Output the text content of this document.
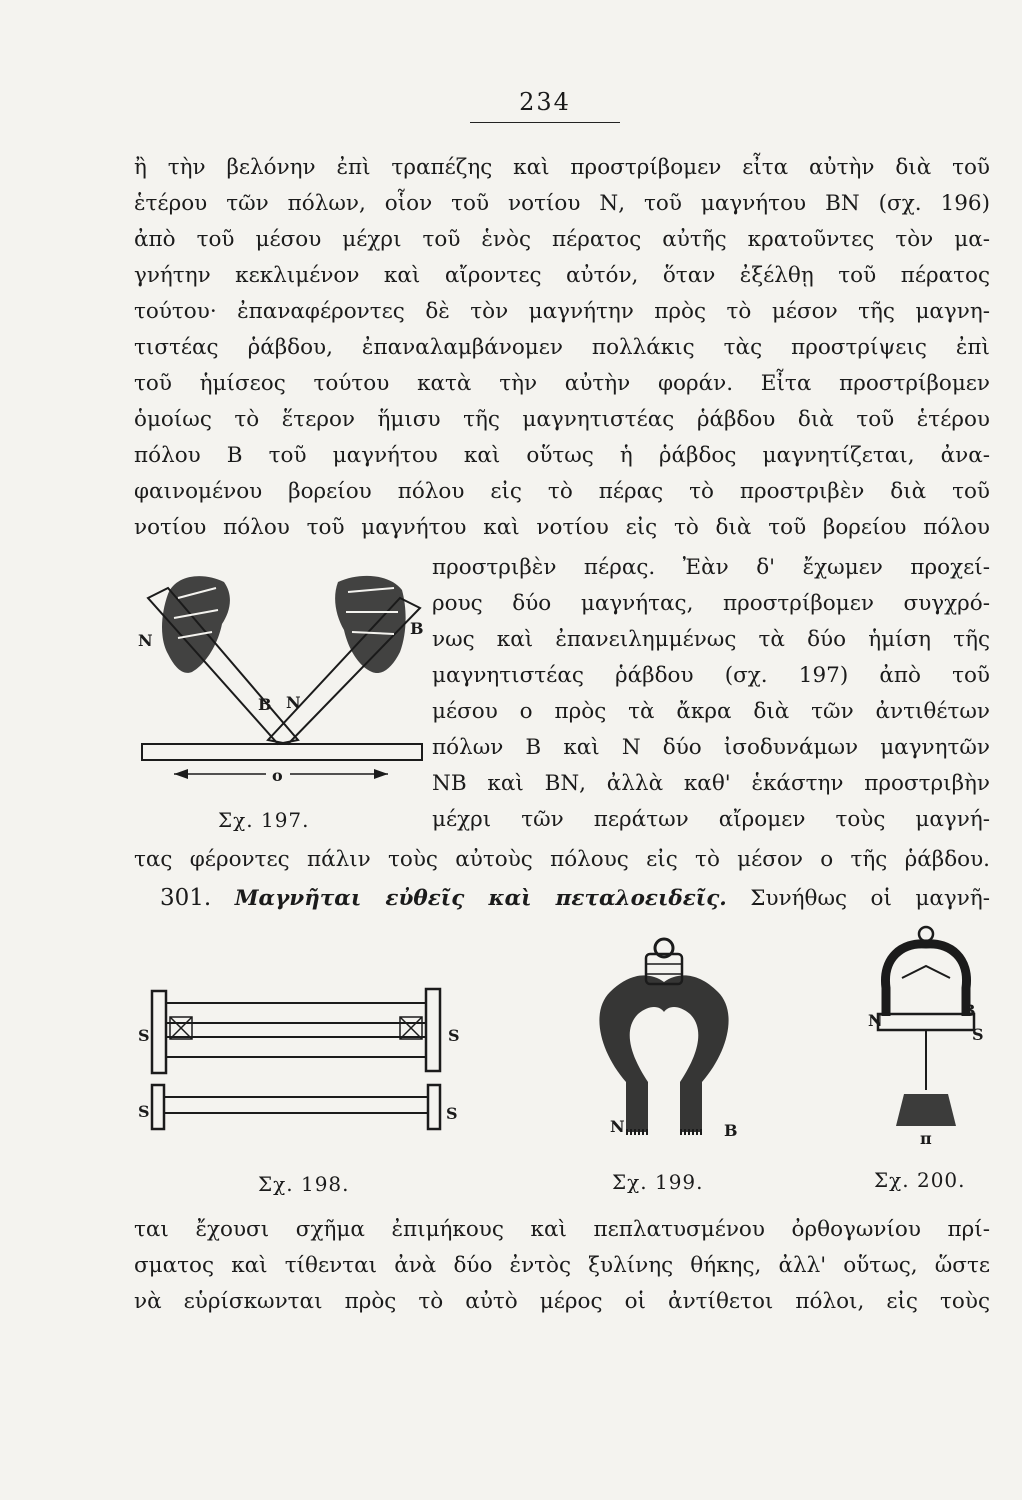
234

ἢ τὴν βελόνην ἐπὶ τραπέζης καὶ προστρίβομεν εἶτα αὐτὴν διὰ τοῦ

ἑτέρου τῶν πόλων, οἷον τοῦ νοτίου Ν, τοῦ μαγνήτου ΒΝ (σχ. 196)

ἀπὸ τοῦ μέσου μέχρι τοῦ ἑνὸς πέρατος αὐτῆς κρατοῦντες τὸν μα-

γνήτην κεκλιμένον καὶ αἴροντες αὐτόν, ὅταν ἐξέλθῃ τοῦ πέρατος

τούτου· ἐπαναφέροντες δὲ τὸν μαγνήτην πρὸς τὸ μέσον τῆς μαγνη-

τιστέας ῥάβδου, ἐπαναλαμβάνομεν πολλάκις τὰς προστρίψεις ἐπὶ

τοῦ ἡμίσεος τούτου κατὰ τὴν αὐτὴν φοράν. Εἶτα προστρίβομεν

ὁμοίως τὸ ἕτερον ἥμισυ τῆς μαγνητιστέας ῥάβδου διὰ τοῦ ἑτέρου

πόλου Β τοῦ μαγνήτου καὶ οὕτως ἡ ῥάβδος μαγνητίζεται, ἀνα-

φαινομένου βορείου πόλου εἰς τὸ πέρας τὸ προστριβὲν διὰ τοῦ

νοτίου πόλου τοῦ μαγνήτου καὶ νοτίου εἰς τὸ διὰ τοῦ βορείου πόλου

προστριβὲν πέρας. Ἐὰν δ' ἔχωμεν προχεί-

ρους δύο μαγνήτας, προστρίβομεν συγχρό-

νως καὶ ἐπανειλημμένως τὰ δύο ἡμίση τῆς

μαγνητιστέας ῥάβδου (σχ. 197) ἀπὸ τοῦ

μέσου ο πρὸς τὰ ἄκρα διὰ τῶν ἀντιθέτων

πόλων Β καὶ Ν δύο ἰσοδυνάμων μαγνητῶν

ΝΒ καὶ ΒΝ, ἀλλὰ καθ' ἑκάστην προστριβὴν

μέχρι τῶν περάτων αἴρομεν τοὺς μαγνή-

τας φέροντες πάλιν τοὺς αὐτοὺς πόλους εἰς τὸ μέσον ο τῆς ῥάβδου.

301. Μαγνῆται εὐθεῖς καὶ πεταλοειδεῖς. Συνήθως οἱ μαγνῆ-

o
N
B
B N
Σχ. 197.
S	S
S	S
Σχ. 198.
N	B
Σχ. 199.
N
B
S
π
Σχ. 200.

ται ἔχουσι σχῆμα ἐπιμήκους καὶ πεπλατυσμένου ὀρθογωνίου πρί-

σματος καὶ τίθενται ἀνὰ δύο ἐντὸς ξυλίνης θήκης, ἀλλ' οὕτως, ὥστε

νὰ εὑρίσκωνται πρὸς τὸ αὐτὸ μέρος οἱ ἀντίθετοι πόλοι, εἰς τοὺς
